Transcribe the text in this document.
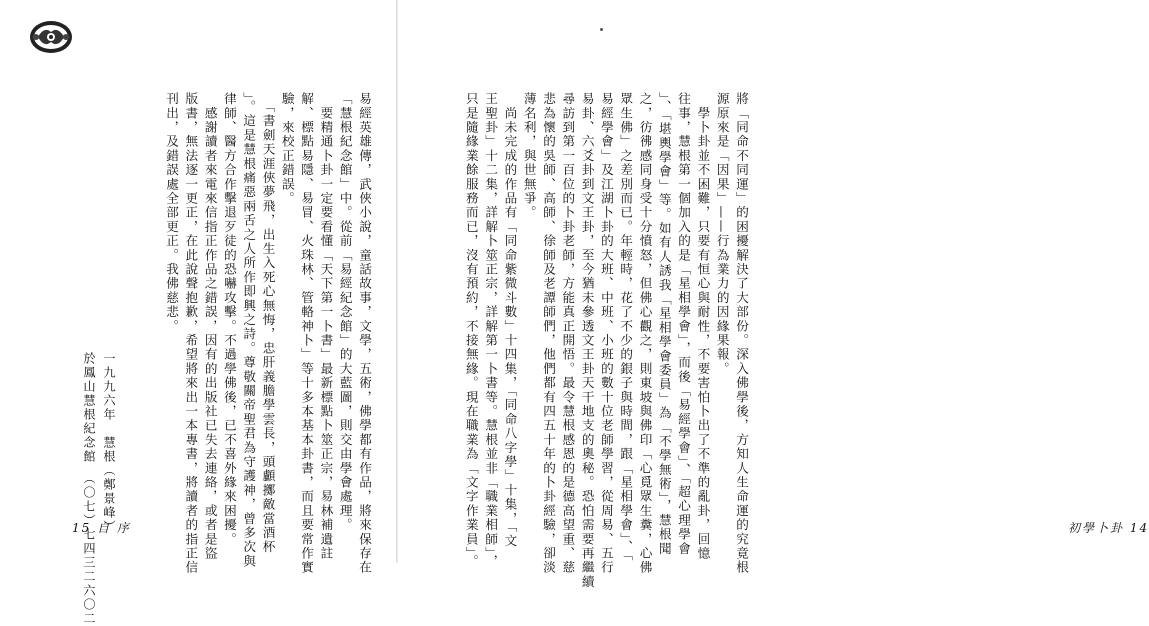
易經英雄傳，武俠小說，童話故事，文學，五術，佛學都有作品，將來保存在
「慧根紀念館」中。從前「易經紀念館」的大藍圖，則交由學會處理。
　要精通卜卦一定要看懂「天下第一卜書」最新標點卜筮正宗，易林補遺註
解、標點易隱、易冒、火珠林、管輅神卜」等十多本基本卦書，而且要常作實
驗，來校正錯誤。
　「書劍天涯俠夢飛，出生入死心無悔，忠肝義膽學雲長，頭顱擲敵當酒杯
」。這是慧根痛惡兩舌之人所作即興之詩。尊敬關帝聖君為守護神，曾多次與
律師、醫方合作擊退歹徒的恐嚇攻擊。不過學佛後，已不喜外緣來困擾。
　感謝讀者來電來信指正作品之錯誤，因有的出版社已失去連絡，或者是盜
版書，無法逐一更正，在此說聲抱歉，希望將來出一本專書，將讀者的指正信
刊出，及錯誤處全部更正。我佛慈悲。
一九九六年　慧根（鄭景峰）
於鳳山慧根紀念館　（〇七）七四三二六〇二
15 自 序	將「同命不同運」的困擾解決了大部份。深入佛學後，方知人生命運的究竟根
源原來是「因果」——行為業力的因緣果報。
　學卜卦並不困難，只要有恒心與耐性，不要害怕卜出了不準的亂卦，回憶
往事，慧根第一個加入的是「星相學會」，而後「易經學會」、「超心理學會
」、「堪輿學會」等。如有人誘我「星相學會委員」為「不學無術」，慧根聞
之，彷彿感同身受十分憤怒，但佛心觀之，則東坡與佛印「心覓眾生糞，心佛
眾生佛」之差別而已。年輕時，花了不少的銀子與時間，跟「星相學會」、「
易經學會」及江湖卜卦的大班、中班、小班的數十位老師學習，從周易、五行
易卦、六爻卦到文王卦，至今猶未參透文王卦天干地支的奧秘。恐怕需要再繼續
尋訪到第一百位的卜卦老師，方能真正開悟。最令慧根感恩的是德高望重、慈
悲為懷的吳師、高師、徐師及老譚師們，他們都有四五十年的卜卦經驗，卻淡
薄名利，與世無爭。
　尚未完成的作品有「同命紫微斗數」十四集，「同命八字學」十集，「文
王聖卦」十二集，詳解卜筮正宗，詳解第一卜書等。慧根並非「職業相師」，
只是隨緣業餘服務而已，沒有預約，不接無緣。現在職業為「文字作業員」。	初學卜卦 14
